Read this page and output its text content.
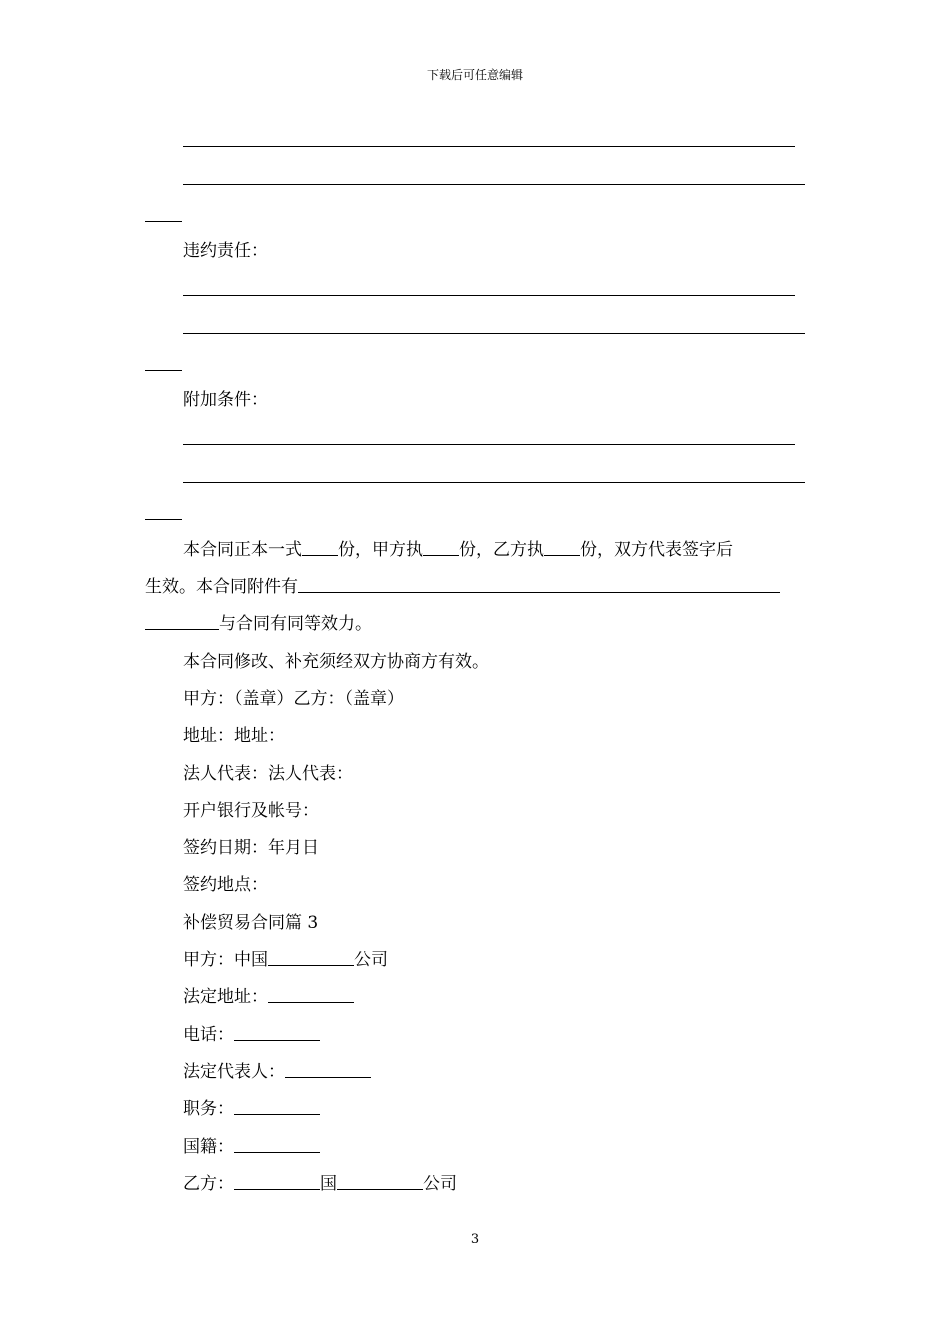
下载后可任意编辑
违约责任：
附加条件：
本合同正本一式 份，甲方执 份，乙方执 份，双方代表签字后
生效。本合同附件有
与合同有同等效力。
本合同修改、补充须经双方协商方有效。
甲方：（盖章）乙方：（盖章）
地址：地址：
法人代表：法人代表：
开户银行及帐号：
签约日期：年月日
签约地点：
补偿贸易合同篇 3
甲方：中国	公司
法定地址：
电话：
法定代表人：
职务：
国籍：
乙方：	国	公司
3
